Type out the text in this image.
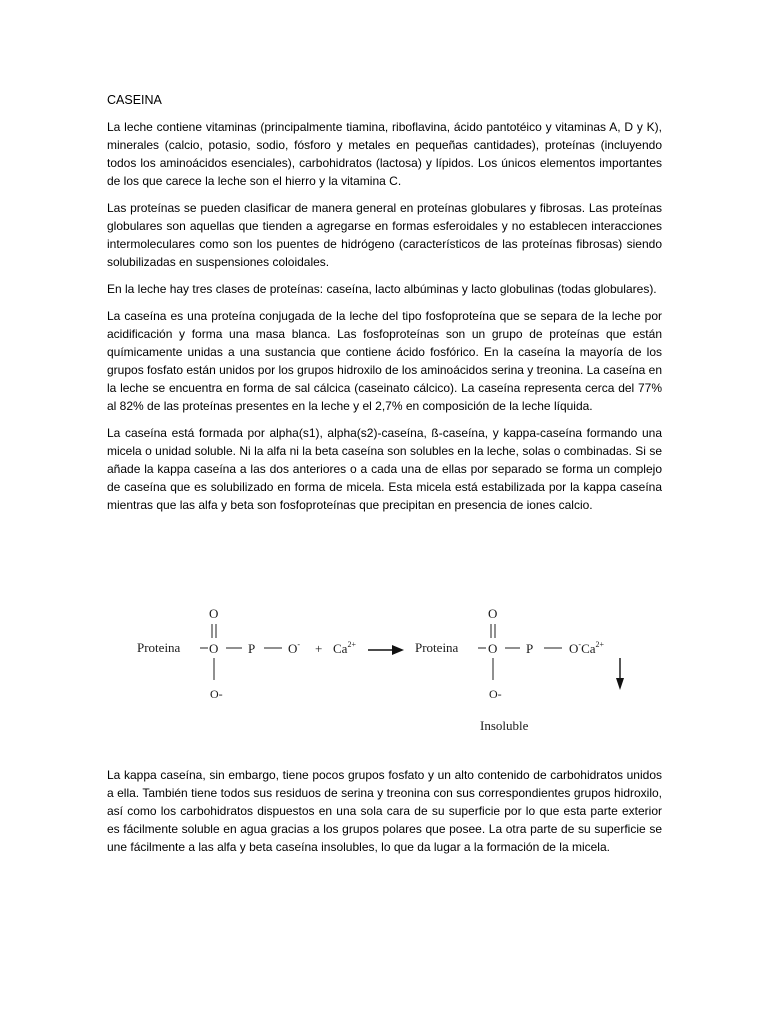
CASEINA

La leche contiene vitaminas (principalmente tiamina, riboflavina, ácido pantotéico y vitaminas A, D y K), minerales (calcio, potasio, sodio, fósforo y metales en pequeñas cantidades), proteínas (incluyendo todos los aminoácidos esenciales), carbohidratos (lactosa) y lípidos. Los únicos elementos importantes de los que carece la leche son el hierro y la vitamina C.

Las proteínas se pueden clasificar de manera general en proteínas globulares y fibrosas. Las proteínas globulares son aquellas que tienden a agregarse en formas esferoidales y no establecen interacciones intermoleculares como son los puentes de hidrógeno (característicos de las proteínas fibrosas) siendo solubilizadas en suspensiones coloidales.

En la leche hay tres clases de proteínas: caseína, lacto albúminas y lacto globulinas (todas globulares).

La caseína es una proteína conjugada de la leche del tipo fosfoproteína que se separa de la leche por acidificación y forma una masa blanca. Las fosfoproteínas son un grupo de proteínas que están químicamente unidas a una sustancia que contiene ácido fosfórico. En la caseína la mayoría de los grupos fosfato están unidos por los grupos hidroxilo de los aminoácidos serina y treonina. La caseína en la leche se encuentra en forma de sal cálcica (caseinato cálcico). La caseína representa cerca del 77% al 82% de las proteínas presentes en la leche y el 2,7% en composición de la leche líquida.

La caseína está formada por alpha(s1), alpha(s2)-caseína, ß-caseína, y kappa-caseína formando una micela o unidad soluble. Ni la alfa ni la beta caseína son solubles en la leche, solas o combinadas. Si se añade la kappa caseína a las dos anteriores o a cada una de ellas por separado se forma un complejo de caseína que es solubilizado en forma de micela. Esta micela está estabilizada por la kappa caseína mientras que las alfa y beta son fosfoproteínas que precipitan en presencia de iones calcio.

Proteina
O
O P	O-
O-
+ $Ca^{2+}$	Proteina
O
O P	$O^-Ca^{2+}$
O-
Insoluble

La kappa caseína, sin embargo, tiene pocos grupos fosfato y un alto contenido de carbohidratos unidos a ella. También tiene todos sus residuos de serina y treonina con sus correspondientes grupos hidroxilo, así como los carbohidratos dispuestos en una sola cara de su superficie por lo que esta parte exterior es fácilmente soluble en agua gracias a los grupos polares que posee. La otra parte de su superficie se une fácilmente a las alfa y beta caseína insolubles, lo que da lugar a la formación de la micela.
